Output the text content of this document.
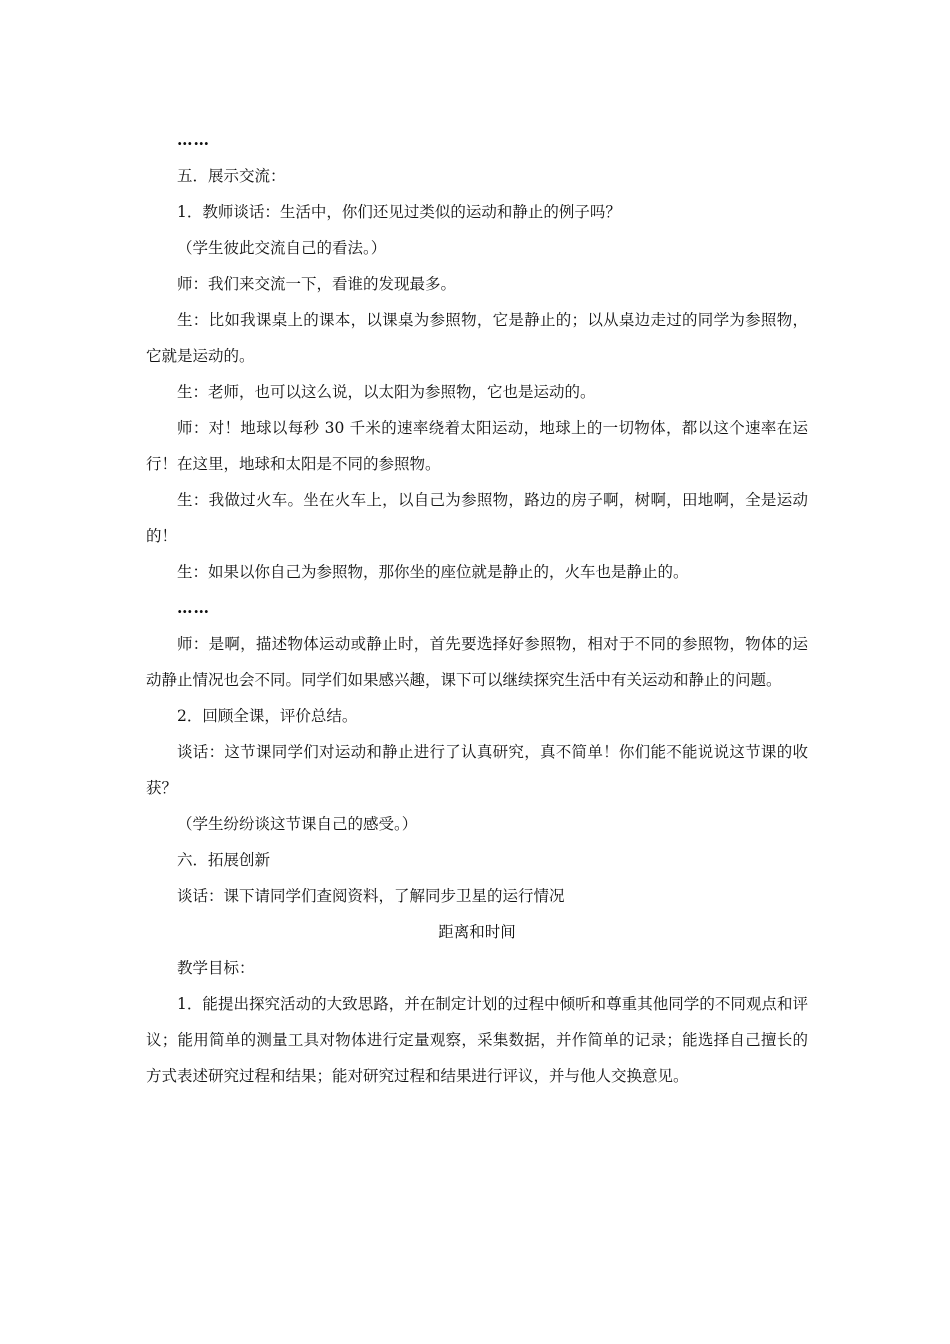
……

五．展示交流：

1．教师谈话：生活中，你们还见过类似的运动和静止的例子吗？

（学生彼此交流自己的看法。）

师：我们来交流一下，看谁的发现最多。

生：比如我课桌上的课本，以课桌为参照物，它是静止的；以从桌边走过的同学为参照物，它就是运动的。

生：老师，也可以这么说，以太阳为参照物，它也是运动的。

师：对！地球以每秒 30 千米的速率绕着太阳运动，地球上的一切物体，都以这个速率在运行！在这里，地球和太阳是不同的参照物。

生：我做过火车。坐在火车上，以自己为参照物，路边的房子啊，树啊，田地啊，全是运动的！

生：如果以你自己为参照物，那你坐的座位就是静止的，火车也是静止的。

……

师：是啊，描述物体运动或静止时，首先要选择好参照物，相对于不同的参照物，物体的运动静止情况也会不同。同学们如果感兴趣，课下可以继续探究生活中有关运动和静止的问题。

2．回顾全课，评价总结。

谈话：这节课同学们对运动和静止进行了认真研究，真不简单！你们能不能说说这节课的收获？

（学生纷纷谈这节课自己的感受。）

六．拓展创新

谈话：课下请同学们查阅资料，了解同步卫星的运行情况

距离和时间

教学目标：

1．能提出探究活动的大致思路，并在制定计划的过程中倾听和尊重其他同学的不同观点和评议；能用简单的测量工具对物体进行定量观察，采集数据，并作简单的记录；能选择自己擅长的方式表述研究过程和结果；能对研究过程和结果进行评议，并与他人交换意见。
